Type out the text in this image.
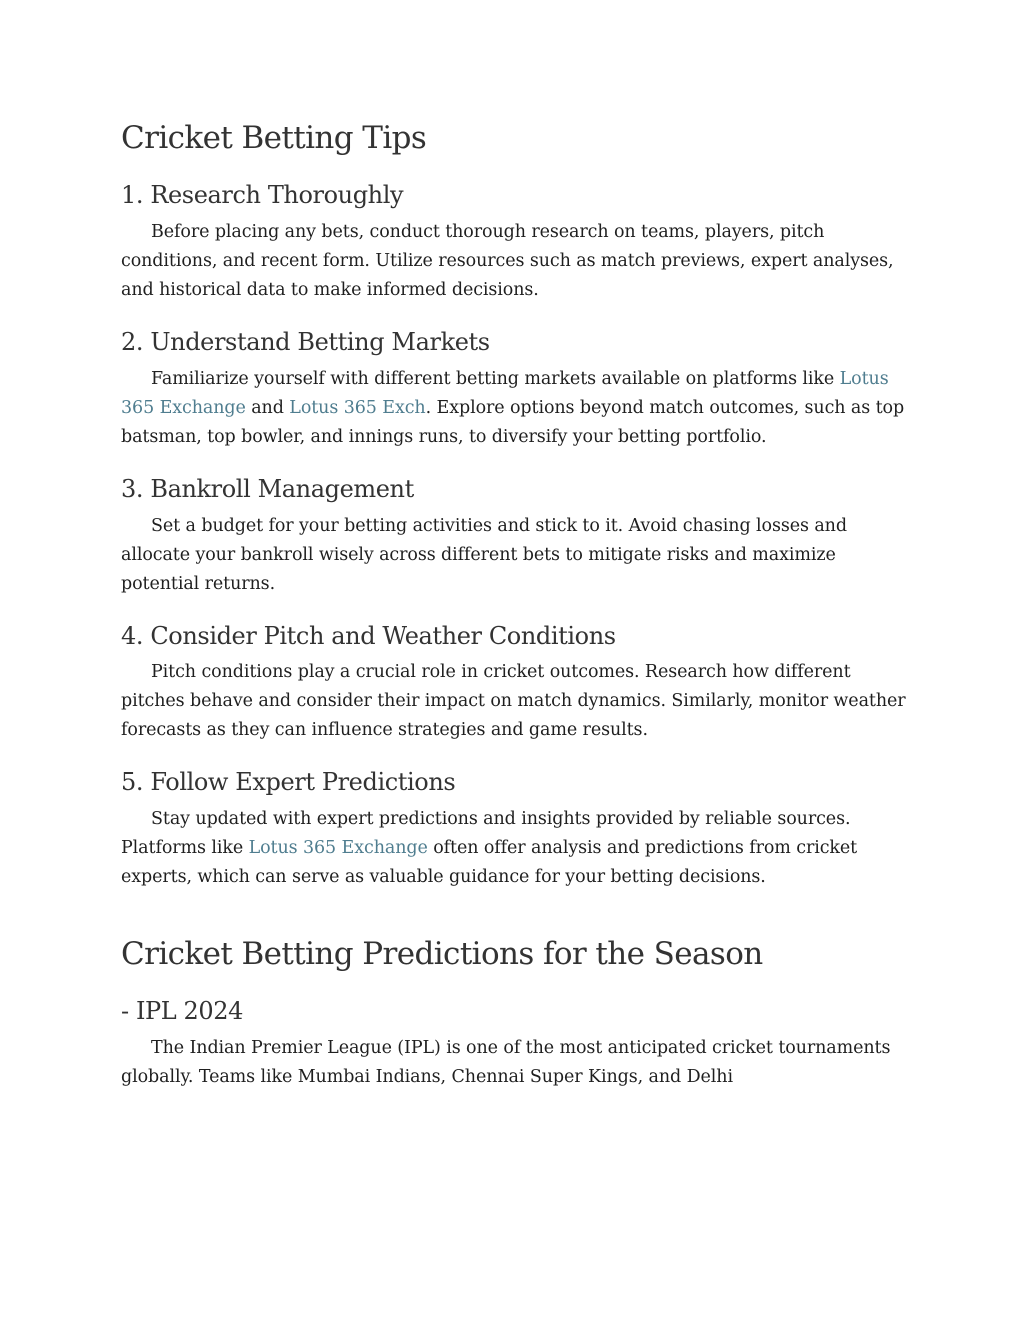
Cricket Betting Tips
1. Research Thoroughly

Before placing any bets, conduct thorough research on teams, players, pitch conditions, and recent form. Utilize resources such as match previews, expert analyses, and historical data to make informed decisions.

2. Understand Betting Markets

Familiarize yourself with different betting markets available on platforms like Lotus 365 Exchange and Lotus 365 Exch. Explore options beyond match outcomes, such as top batsman, top bowler, and innings runs, to diversify your betting portfolio.

3. Bankroll Management

Set a budget for your betting activities and stick to it. Avoid chasing losses and allocate your bankroll wisely across different bets to mitigate risks and maximize potential returns.

4. Consider Pitch and Weather Conditions

Pitch conditions play a crucial role in cricket outcomes. Research how different pitches behave and consider their impact on match dynamics. Similarly, monitor weather forecasts as they can influence strategies and game results.

5. Follow Expert Predictions

Stay updated with expert predictions and insights provided by reliable sources. Platforms like Lotus 365 Exchange often offer analysis and predictions from cricket experts, which can serve as valuable guidance for your betting decisions.

Cricket Betting Predictions for the Season
- IPL 2024

The Indian Premier League (IPL) is one of the most anticipated cricket tournaments globally. Teams like Mumbai Indians, Chennai Super Kings, and Delhi
